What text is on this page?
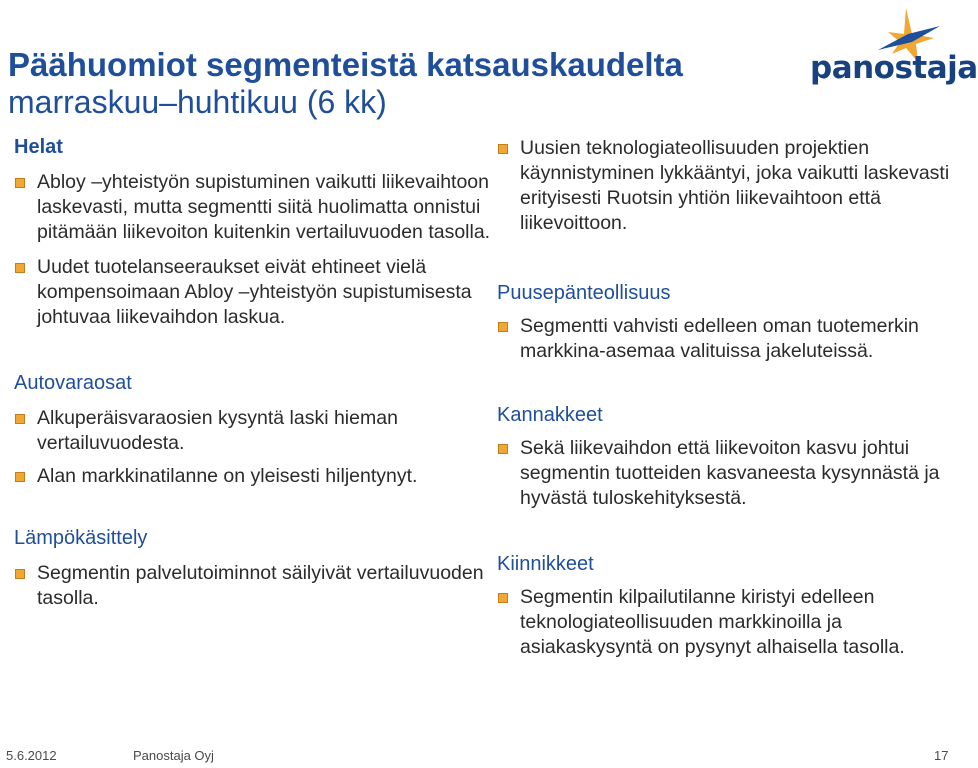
Päähuomiot segmenteistä katsauskaudelta
marraskuu–huhtikuu (6 kk)
panostaja
Helat
Abloy –yhteistyön supistuminen vaikutti liikevaihtoon laskevasti, mutta segmentti siitä huolimatta onnistui pitämään liikevoiton kuitenkin vertailuvuoden tasolla.
Uudet tuotelanseeraukset eivät ehtineet vielä kompensoimaan Abloy –yhteistyön supistumisesta johtuvaa liikevaihdon laskua.
Autovaraosat
Alkuperäisvaraosien kysyntä laski hieman vertailuvuodesta.
Alan markkinatilanne on yleisesti hiljentynyt.
Lämpökäsittely
Segmentin palvelutoiminnot säilyivät vertailuvuoden tasolla.
Uusien teknologiateollisuuden projektien käynnistyminen lykkääntyi, joka vaikutti laskevasti erityisesti Ruotsin yhtiön liikevaihtoon että liikevoittoon.
Puusepänteollisuus
Segmentti vahvisti edelleen oman tuotemerkin markkina-asemaa valituissa jakeluteissä.
Kannakkeet
Sekä liikevaihdon että liikevoiton kasvu johtui segmentin tuotteiden kasvaneesta kysynnästä ja hyvästä tuloskehityksestä.
Kiinnikkeet
Segmentin kilpailutilanne kiristyi edelleen teknologiateollisuuden markkinoilla ja asiakaskysyntä on pysynyt alhaisella tasolla.
5.6.2012	Panostaja Oyj	17
